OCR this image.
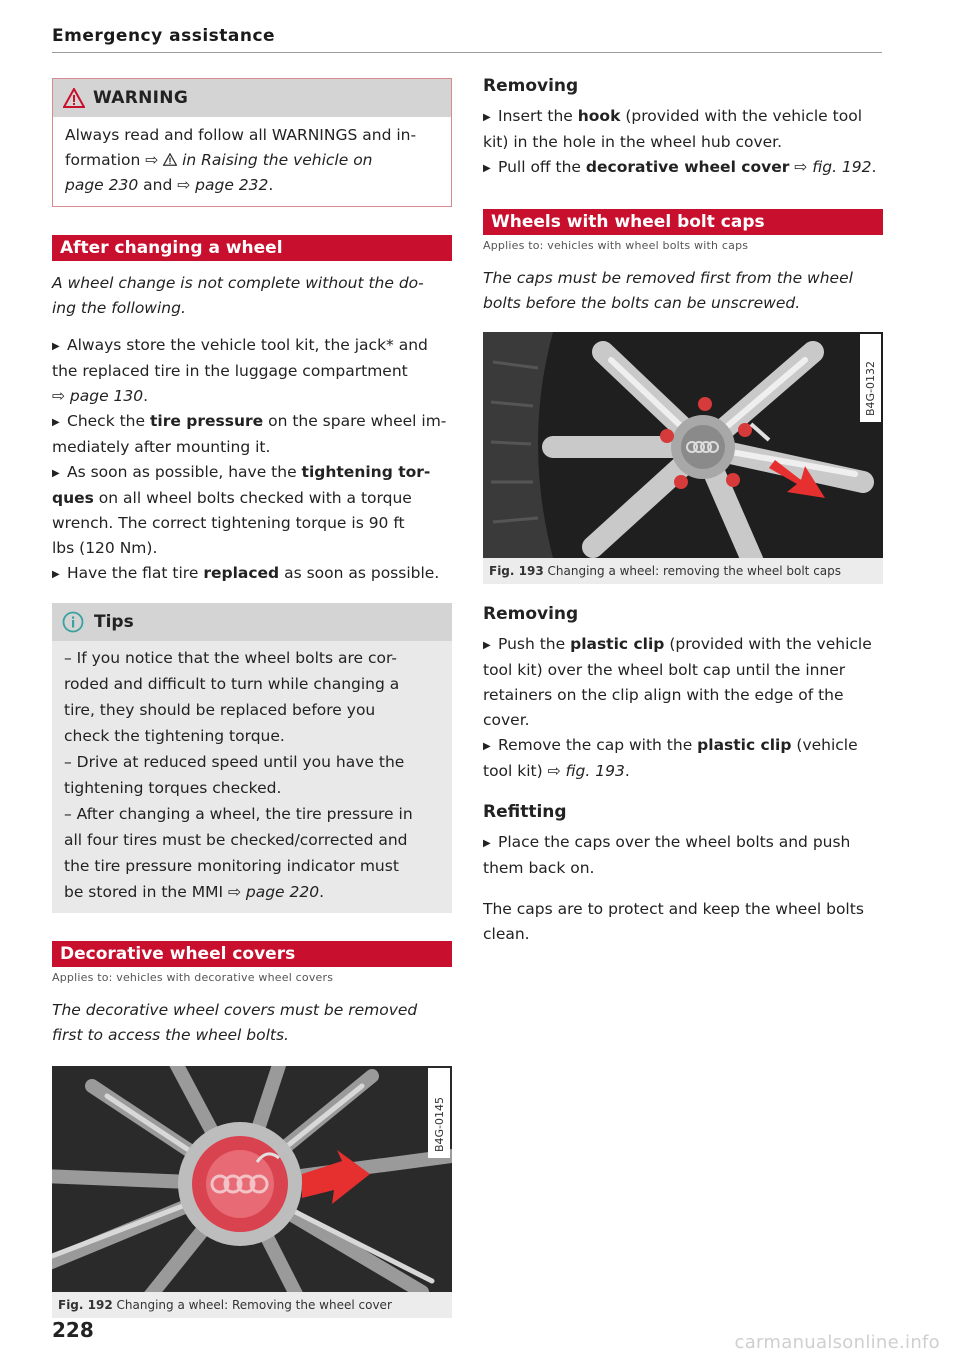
Emergency assistance
WARNING
Always read and follow all WARNINGS and in-
formation ⇨  in Raising the vehicle on
page 230 and ⇨ page 232.
After changing a wheel
A wheel change is not complete without the do-
ing the following.
▶ Always store the vehicle tool kit, the jack* and
the replaced tire in the luggage compartment
⇨ page 130.
▶ Check the tire pressure on the spare wheel im-
mediately after mounting it.
▶ As soon as possible, have the tightening tor-
ques on all wheel bolts checked with a torque
wrench. The correct tightening torque is 90 ft
lbs (120 Nm).
▶ Have the flat tire replaced as soon as possible.
Tips
– If you notice that the wheel bolts are cor-
roded and difficult to turn while changing a
tire, they should be replaced before you
check the tightening torque.
– Drive at reduced speed until you have the
tightening torques checked.
– After changing a wheel, the tire pressure in
all four tires must be checked/corrected and
the tire pressure monitoring indicator must
be stored in the MMI ⇨ page 220.
Decorative wheel covers
Applies to: vehicles with decorative wheel covers
The decorative wheel covers must be removed
first to access the wheel bolts.
B4G-0145
Fig. 192 Changing a wheel: Removing the wheel cover
Removing
▶ Insert the hook (provided with the vehicle tool
kit) in the hole in the wheel hub cover.
▶ Pull off the decorative wheel cover ⇨ fig. 192.
Wheels with wheel bolt caps
Applies to: vehicles with wheel bolts with caps
The caps must be removed first from the wheel
bolts before the bolts can be unscrewed.
B4G-0132
Fig. 193 Changing a wheel: removing the wheel bolt caps
Removing
▶ Push the plastic clip (provided with the vehicle
tool kit) over the wheel bolt cap until the inner
retainers on the clip align with the edge of the
cover.
▶ Remove the cap with the plastic clip (vehicle
tool kit) ⇨ fig. 193.
Refitting
▶ Place the caps over the wheel bolts and push
them back on.
The caps are to protect and keep the wheel bolts
clean.
228
carmanualsonline.info
